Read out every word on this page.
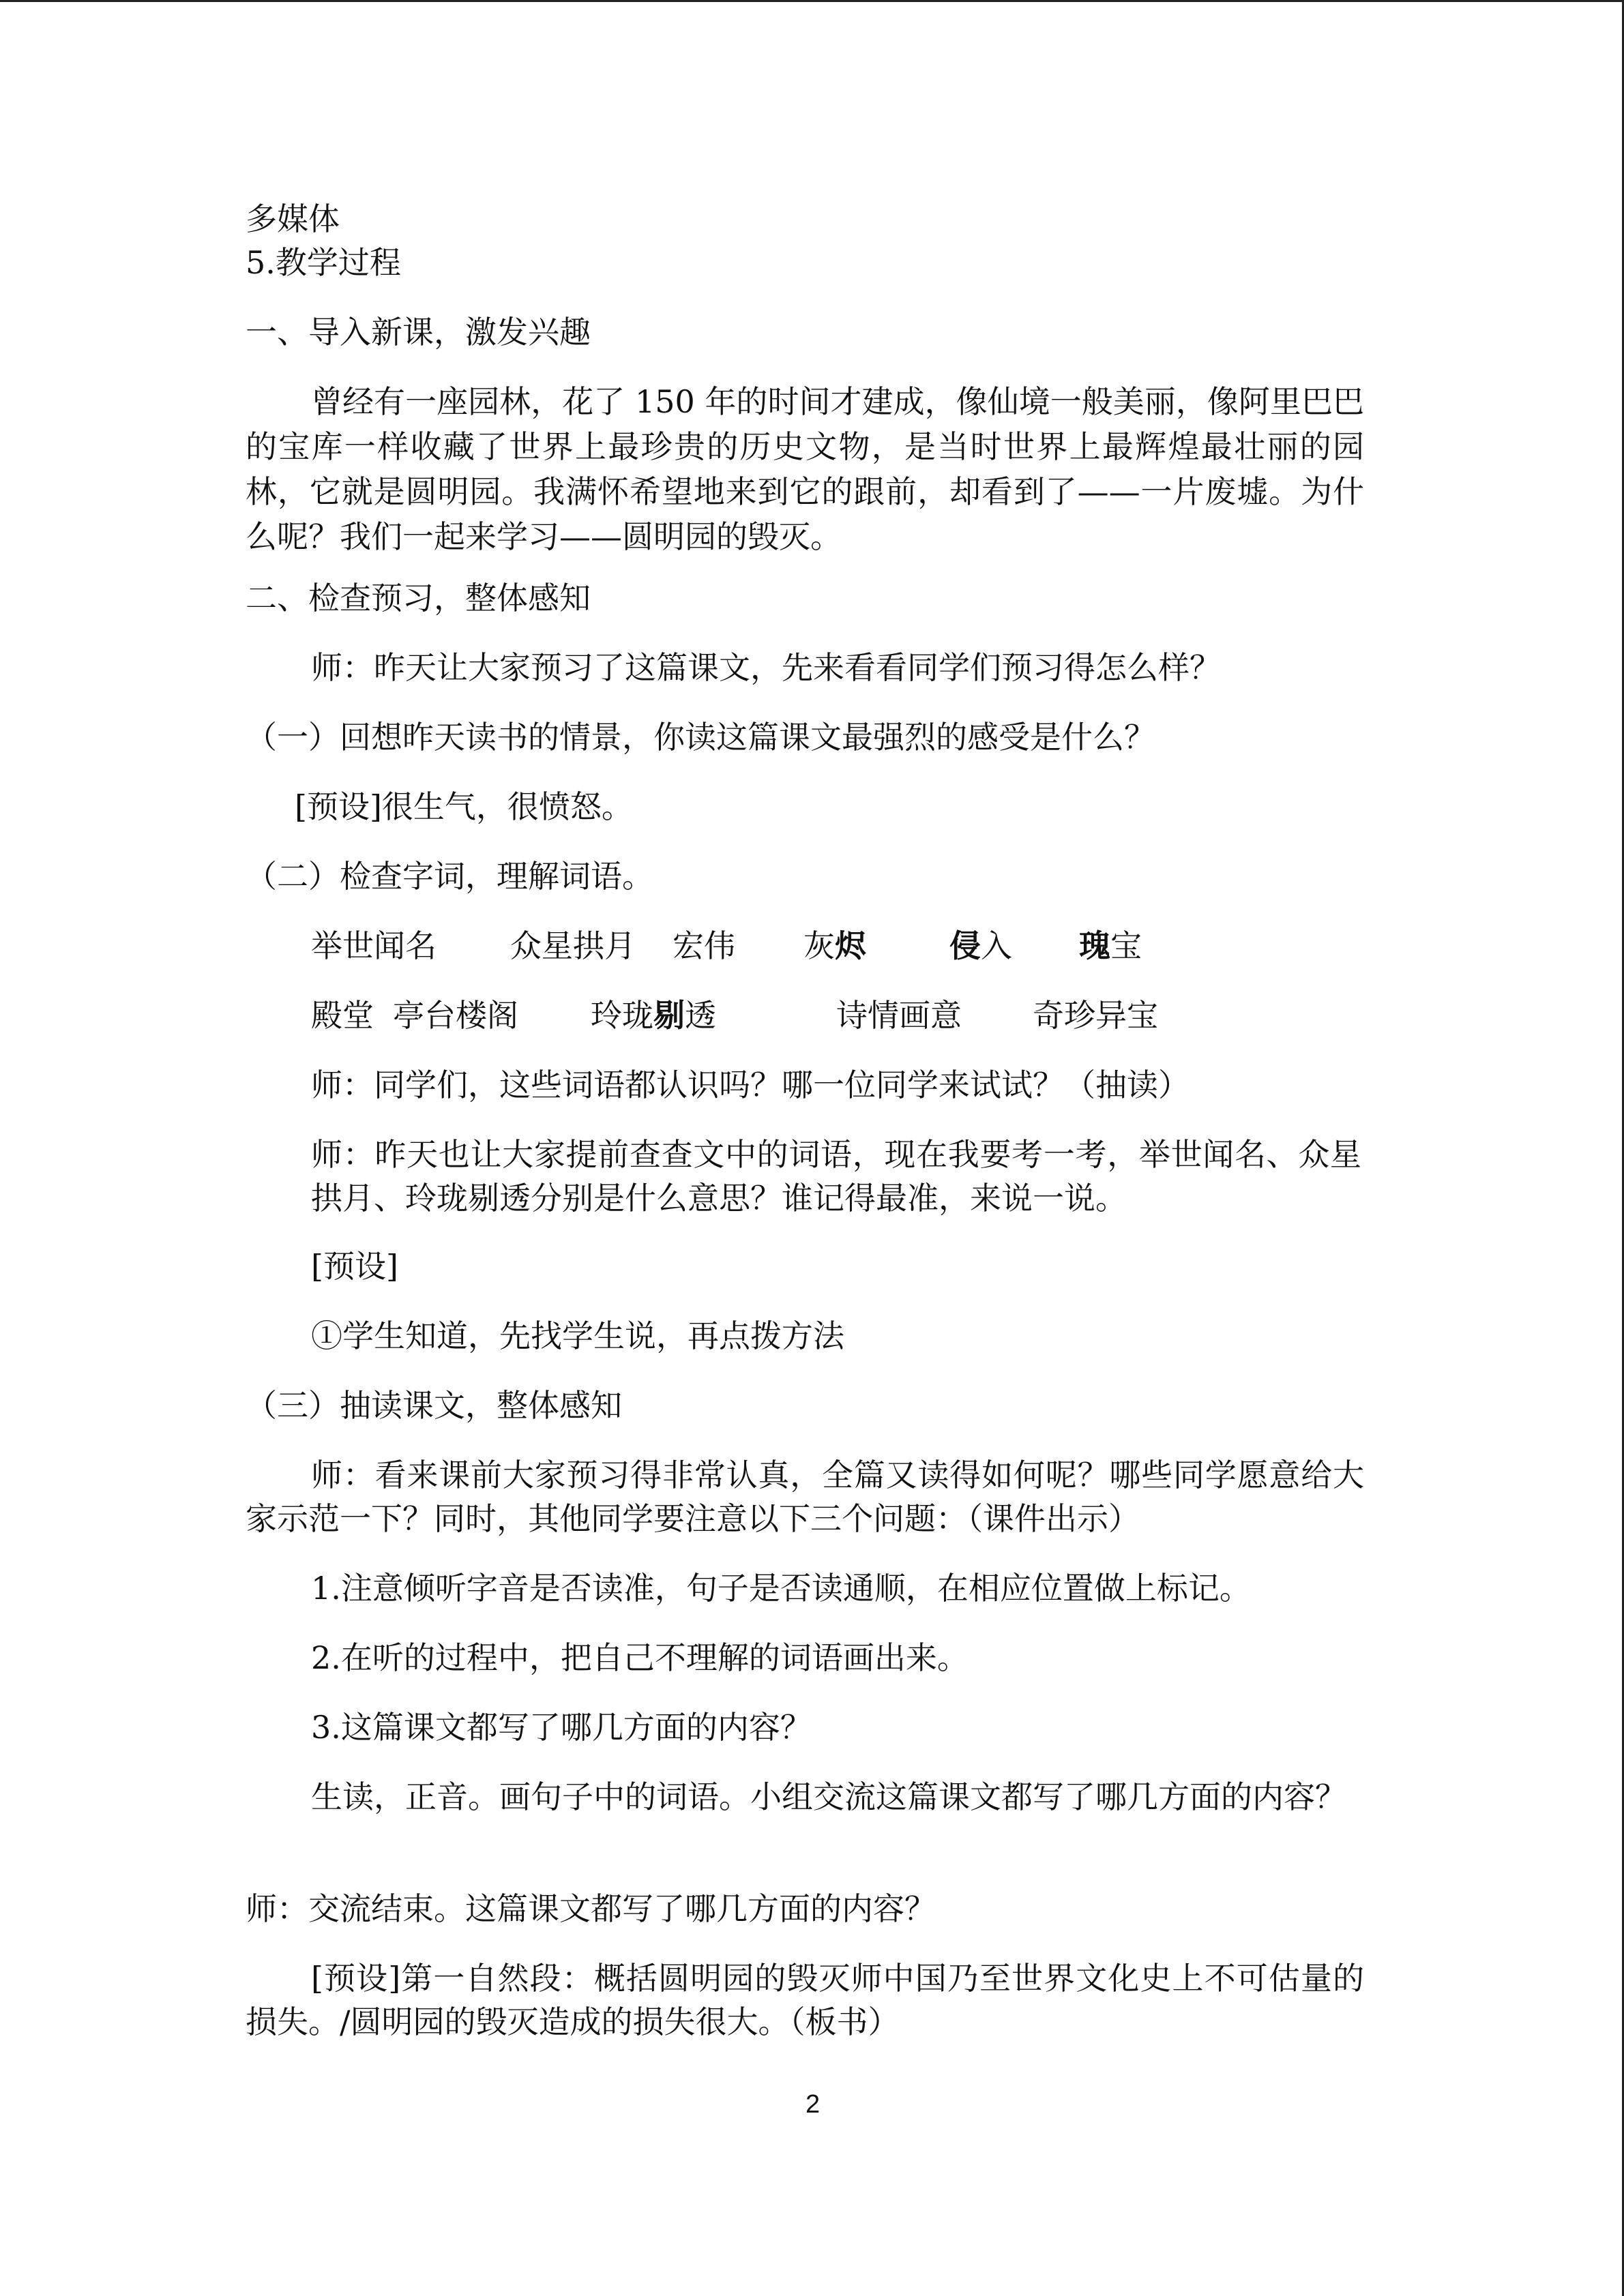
多媒体

5.教学过程

一、导入新课，激发兴趣

曾经有一座园林，花了 150 年的时间才建成，像仙境一般美丽，像阿里巴巴的宝库一样收藏了世界上最珍贵的历史文物，是当时世界上最辉煌最壮丽的园林，它就是圆明园。我满怀希望地来到它的跟前，却看到了——一片废墟。为什么呢？我们一起来学习——圆明园的毁灭。

二、检查预习，整体感知

师：昨天让大家预习了这篇课文，先来看看同学们预习得怎么样？

（一）回想昨天读书的情景，你读这篇课文最强烈的感受是什么？

[预设]很生气，很愤怒。

（二）检查字词，理解词语。

举世闻名 众星拱月 宏伟 灰烬	侵入 瑰宝
殿堂 亭台楼阁 玲珑剔透	诗情画意 奇珍异宝

师：同学们，这些词语都认识吗？哪一位同学来试试？（抽读）

师：昨天也让大家提前查查文中的词语，现在我要考一考，举世闻名、众星拱月、玲珑剔透分别是什么意思？谁记得最准，来说一说。

[预设]

①学生知道，先找学生说，再点拨方法

（三）抽读课文，整体感知

师：看来课前大家预习得非常认真，全篇又读得如何呢？哪些同学愿意给大家示范一下？同时，其他同学要注意以下三个问题：（课件出示）

1.注意倾听字音是否读准，句子是否读通顺，在相应位置做上标记。

2.在听的过程中，把自己不理解的词语画出来。

3.这篇课文都写了哪几方面的内容？

生读，正音。画句子中的词语。小组交流这篇课文都写了哪几方面的内容？

师：交流结束。这篇课文都写了哪几方面的内容？

[预设]第一自然段：概括圆明园的毁灭师中国乃至世界文化史上不可估量的损失。/圆明园的毁灭造成的损失很大。（板书）

2
